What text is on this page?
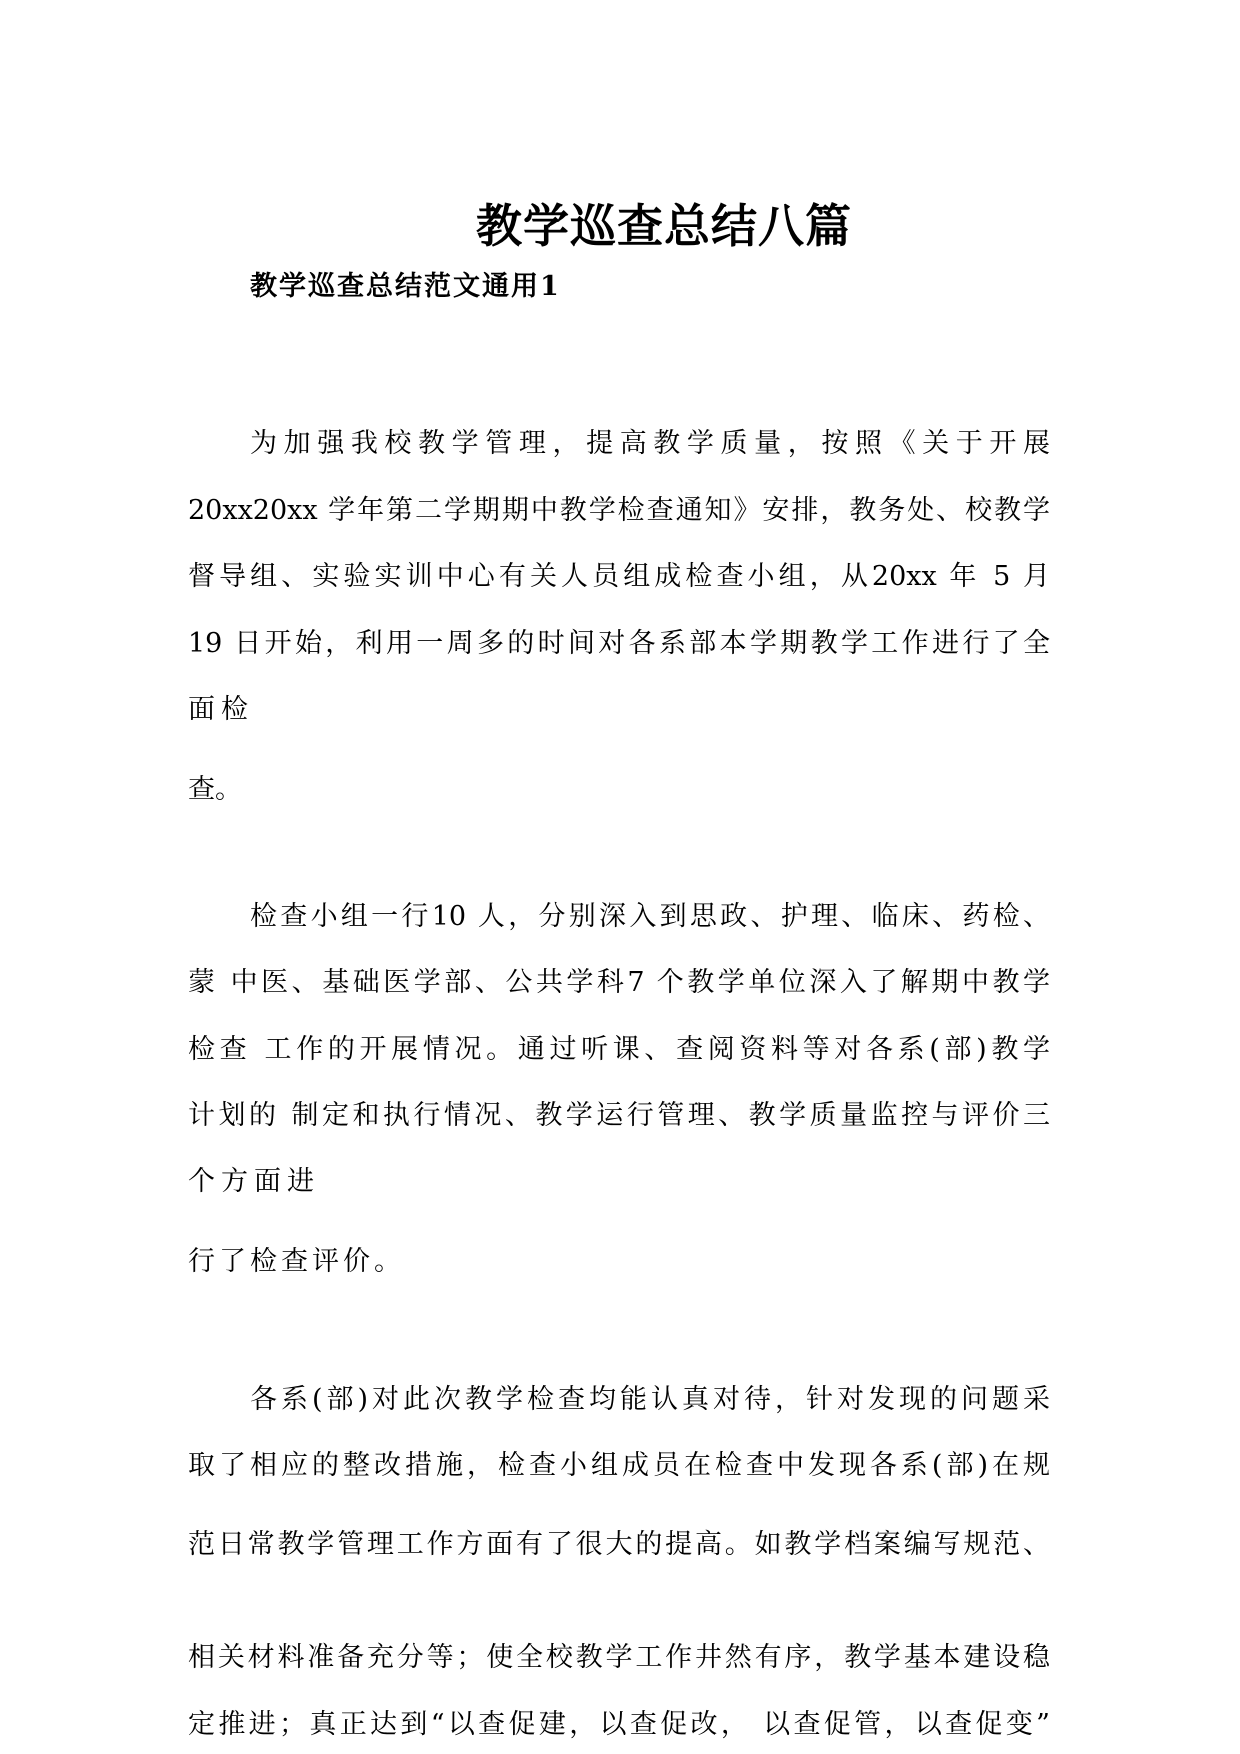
教学巡查总结八篇
教学巡查总结范文通用1
为加强我校教学管理，提高教学质量，按照《关于开展
20xx20xx 学年第二学期期中教学检查通知》安排，教务处、校教学
督导组、实验实训中心有关人员组成检查小组，从20xx 年 5 月
19 日开始，利用一周多的时间对各系部本学期教学工作进行了全
面检
查。
检查小组一行10 人，分别深入到思政、护理、临床、药检、
蒙 中医、基础医学部、公共学科7 个教学单位深入了解期中教学
检查 工作的开展情况。通过听课、查阅资料等对各系(部)教学
计划的 制定和执行情况、教学运行管理、教学质量监控与评价三
个方面进
行了检查评价。
各系(部)对此次教学检查均能认真对待，针对发现的问题采
取了相应的整改措施，检查小组成员在检查中发现各系(部)在规
范日常教学管理工作方面有了很大的提高。如教学档案编写规范、
相关材料准备充分等；使全校教学工作井然有序，教学基本建设稳
定推进；真正达到“以查促建，以查促改， 以查促管，以查促变”
